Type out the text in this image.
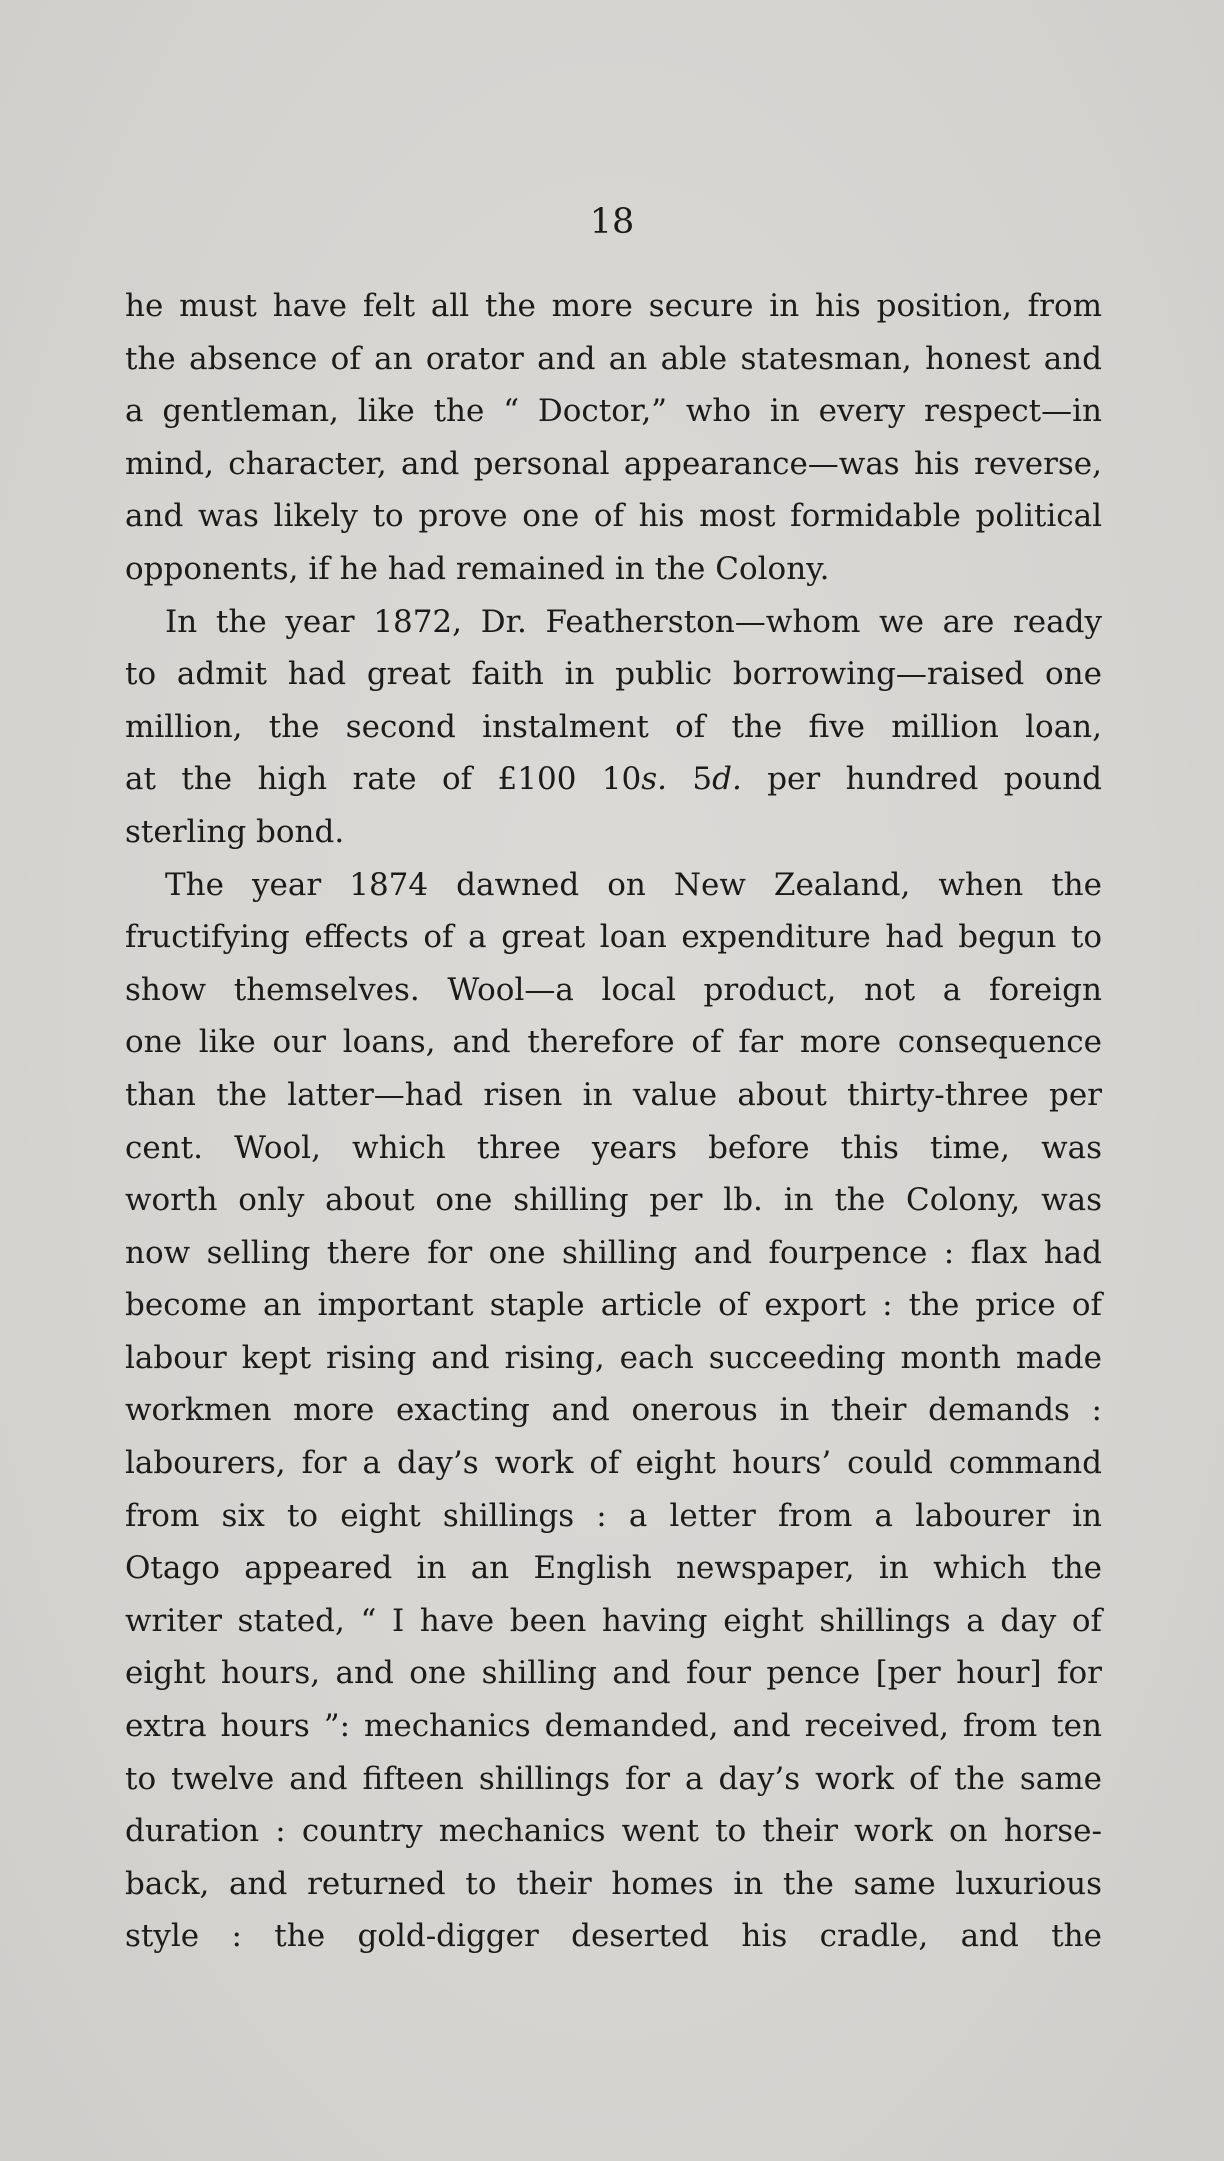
18
he must have felt all the more secure in his position, from
the absence of an orator and an able statesman, honest and
a gentleman, like the “ Doctor,” who in every respect—in
mind, character, and personal appearance—was his reverse,
and was likely to prove one of his most formidable political
opponents, if he had remained in the Colony.
In the year 1872, Dr. Featherston—whom we are ready
to admit had great faith in public borrowing—raised one
million, the second instalment of the five million loan,
at the high rate of £100 10s. 5d. per hundred pound
sterling bond.
The year 1874 dawned on New Zealand, when the
fructifying effects of a great loan expenditure had begun to
show themselves. Wool—a local product, not a foreign
one like our loans, and therefore of far more consequence
than the latter—had risen in value about thirty-three per
cent. Wool, which three years before this time, was
worth only about one shilling per lb. in the Colony, was
now selling there for one shilling and fourpence : flax had
become an important staple article of export : the price of
labour kept rising and rising, each succeeding month made
workmen more exacting and onerous in their demands :
labourers, for a day’s work of eight hours’ could command
from six to eight shillings : a letter from a labourer in
Otago appeared in an English newspaper, in which the
writer stated, “ I have been having eight shillings a day of
eight hours, and one shilling and four pence [per hour] for
extra hours ”: mechanics demanded, and received, from ten
to twelve and fifteen shillings for a day’s work of the same
duration : country mechanics went to their work on horse-
back, and returned to their homes in the same luxurious
style : the gold-digger deserted his cradle, and the
